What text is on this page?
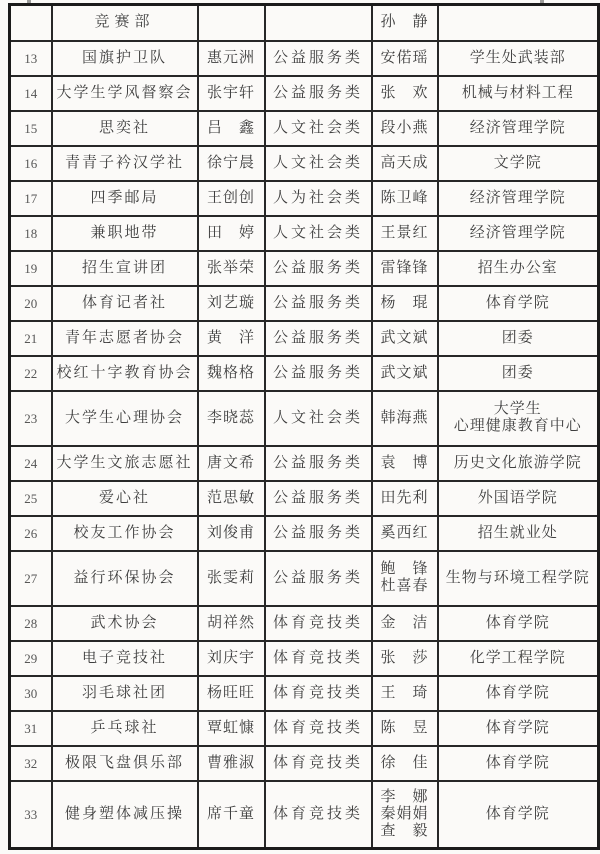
	竞赛部			孙　静	
13	国旗护卫队	惠元洲	公益服务类	安偌瑶	学生处武装部
14	大学生学风督察会	张宇轩	公益服务类	张　欢	机械与材料工程
15	思奕社	吕　鑫	人文社会类	段小燕	经济管理学院
16	青青子衿汉学社	徐宁晨	人文社会类	高天成	文学院
17	四季邮局	王创创	人为社会类	陈卫峰	经济管理学院
18	兼职地带	田　婷	人文社会类	王景红	经济管理学院
19	招生宣讲团	张举荣	公益服务类	雷锋锋	招生办公室
20	体育记者社	刘艺璇	公益服务类	杨　琨	体育学院
21	青年志愿者协会	黄　洋	公益服务类	武文斌	团委
22	校红十字教育协会	魏格格	公益服务类	武文斌	团委
23	大学生心理协会	李晓蕊	人文社会类	韩海燕	大学生
心理健康教育中心

24	大学生文旅志愿社	唐文希	公益服务类	袁　博	历史文化旅游学院
25	爱心社	范思敏	公益服务类	田先利	外国语学院
26	校友工作协会	刘俊甫	公益服务类	奚西红	招生就业处
27	益行环保协会	张雯莉	公益服务类	鲍　锋
杜喜春	生物与环境工程学院
28	武术协会	胡祥然	体育竞技类	金　洁	体育学院
29	电子竞技社	刘庆宇	体育竞技类	张　莎	化学工程学院
30	羽毛球社团	杨旺旺	体育竞技类	王　琦	体育学院
31	乒乓球社	覃虹慷	体育竞技类	陈　昱	体育学院
32	极限飞盘俱乐部	曹雅淑	体育竞技类	徐　佳	体育学院
33	健身塑体减压操	席千童	体育竞技类	李　娜
秦娟娟
查　毅	体育学院
